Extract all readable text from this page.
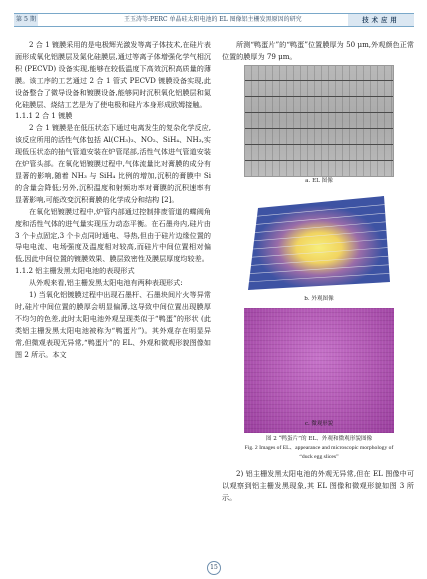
第 5 期	王玉涛等:PERC 单晶硅太阳电池的 EL 图像铝主栅发黑原因的研究	技术应用

2 合 1 镀膜采用的是电极辉光激发等离子体技术,在硅片表面形成氧化铝膜层及氮化硅膜层,通过等离子体增强化学气相沉积 (PECVD) 设备实现,能够在较低温度下高效沉积高质量的薄膜。该工序的工艺通过 2 合 1 管式 PECVD 镀膜设备实现,此设备整合了微导设备和镀膜设备,能够同时沉积氧化铝膜层和氮化硅膜层、烧结工艺是为了使电极和硅片本身形成欧姆接触。

1.1.1 2 合 1 镀膜

2 合 1 镀膜是在低压状态下通过电离发生的复杂化学反应,该反应所用的活性气体包括 Al(CH₃)₃、NO₂、SiH₄、NH₃,实现低压状态的抽气管道安装在炉管尾部,活性气体进气管道安装在炉管头部。在氧化铝镀膜过程中,气体流量比对膏膜的成分有显著的影响,随着 NH₃ 与 SiH₄ 比例的增加,沉积的膏膜中 Si 的含量会降低;另外,沉积温度和射频功率对膏膜的沉积速率有显著影响,可能改变沉积膏膜的化学成分和结构 [2]。

在氧化铝镀膜过程中,炉管内部通过控制排废管道的蝶阀角度和活性气体的进气量实现压力动态平衡。在石墨舟内,硅片由 3 个卡点固定,3 个卡点同时通电、导热,但由于硅片边缘位置的导电电流、电场强度及温度相对较高,而硅片中间位置相对偏低,因此中间位置的镀膜效果、膜层致密性及膜层厚度均较差。

1.1.2 铝主栅发黑太阳电池的表现形式

从外观来看,铝主栅发黑太阳电池有两种表现形式:

1) 当氧化铝镀膜过程中出现石墨杆、石墨块间片火等异常时,硅片中间位置的膜厚会明显偏薄,这导致中间位置出现膜厚不均匀的色差,此时太阳电池外观呈现类似于“鸭蛋”的形状 (此类铝主栅发黑太阳电池被称为“鸭蛋片”)。其外观存在明显异常,但微观表现无异常,“鸭蛋片”的 EL、外观和微观形貌图像如图 2 所示。本文

所测“鸭蛋片”的“鸭蛋”位置膜厚为 50 μm,外观颜色正常位置的膜厚为 79 μm。

a. EL 图像
b. 外观图像
c. 微观形貌
图 2 “鸭蛋片”的 EL、外观和微观形貌图像
Fig. 2 Images of EL、appearance and microscopic morphology of “duck egg slices”

2) 铝主栅发黑太阳电池的外观无异常,但在 EL 图像中可以观察到铝主栅发黑现象,其 EL 图像和微观形貌如图 3 所示。

15
